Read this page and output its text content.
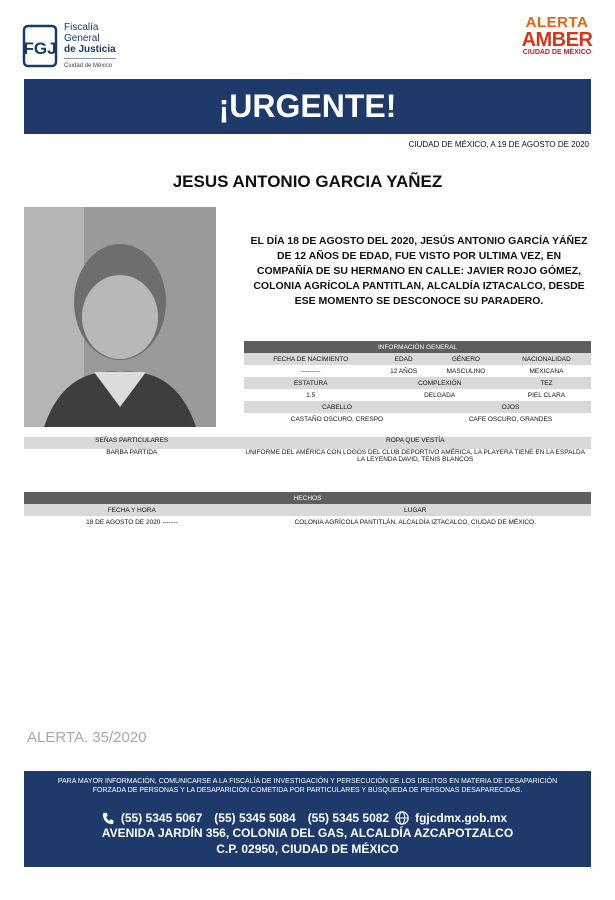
FGJ
Fiscalía
General
de Justicia
Ciudad de México
ALERTA
AMBER
CIUDAD DE MÉXICO
¡URGENTE!
CIUDAD DE MÉXICO, A 19 DE AGOSTO DE 2020
JESUS ANTONIO GARCIA YAÑEZ
EL DÍA 18 DE AGOSTO DEL 2020, JESÚS ANTONIO GARCÍA YÁÑEZ DE 12 AÑOS DE EDAD, FUE VISTO POR ULTIMA VEZ, EN COMPAÑÍA DE SU HERMANO EN CALLE: JAVIER ROJO GÓMEZ, COLONIA AGRÍCOLA PANTITLAN, ALCALDÍA IZTACALCO, DESDE ESE MOMENTO SE DESCONOCE SU PARADERO.
INFORMACIÓN GENERAL			
FECHA DE NACIMIENTO	EDAD	GÉNERO	NACIONALIDAD
---------	12 AÑOS	MASCULINO	MEXICANA
ESTATURA	COMPLEXIÓN		TEZ
1.5	DELGADA		PIEL CLARA
CABELLO		OJOS	
CASTAÑO OSCURO, CRESPO		CAFE OSCURO, GRANDES	
SEÑAS PARTICULARES	ROPA QUE VESTÍA
BARBA PARTIDA	UNIFORME DEL AMÉRICA CON LOGOS DEL CLUB DEPORTIVO AMÉRICA, LA PLAYERA TIENE EN LA ESPALDA LA LEYENDA DAVID, TENIS BLANCOS
HECHOS	
FECHA Y HORA	LUGAR
18 DE AGOSTO DE 2020 -------	COLONIA AGRÍCOLA PANTITLÁN, ALCALDÍA IZTACALCO, CIUDAD DE MÉXICO.
ALERTA. 35/2020
PARA MAYOR INFORMACIÓN, COMUNICARSE A LA FISCALÍA DE INVESTIGACIÓN Y PERSECUCIÓN DE LOS DELITOS EN MATERIA DE DESAPARICIÓN FORZADA DE PERSONAS Y LA DESAPARICIÓN COMETIDA POR PARTICULARES Y BÚSQUEDA DE PERSONAS DESAPARECIDAS.
(55) 5345 5067 (55) 5345 5084 (55) 5345 5082 fgjcdmx.gob.mx
AVENIDA JARDÍN 356, COLONIA DEL GAS, ALCALDÍA AZCAPOTZALCO
C.P. 02950, CIUDAD DE MÉXICO
